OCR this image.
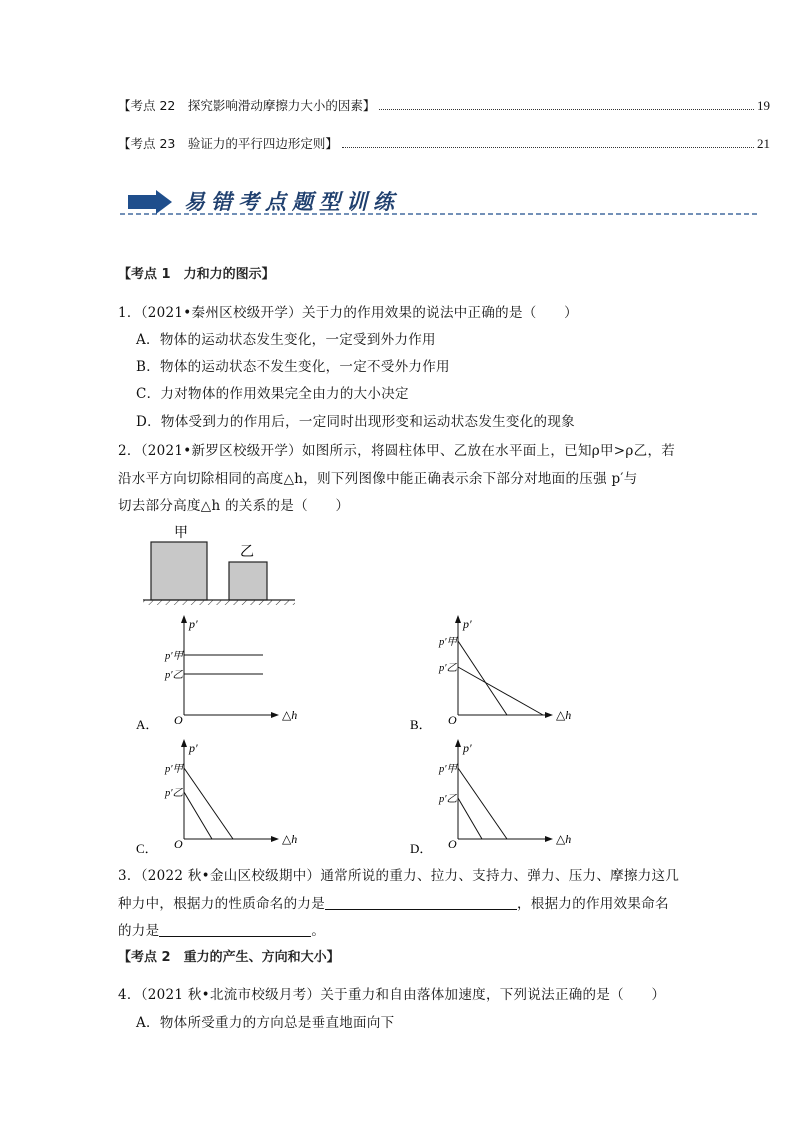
【考点 22　探究影响滑动摩擦力大小的因素】	19
【考点 23　验证力的平行四边形定则】	21
易错考点题型训练
【考点 1　力和力的图示】
1．（2021•秦州区校级开学）关于力的作用效果的说法中正确的是（　　）
A．物体的运动状态发生变化，一定受到外力作用
B．物体的运动状态不发生变化，一定不受外力作用
C．力对物体的作用效果完全由力的大小决定
D．物体受到力的作用后，一定同时出现形变和运动状态发生变化的现象
2．（2021•新罗区校级开学）如图所示，将圆柱体甲、乙放在水平面上，已知ρ甲>ρ乙，若
沿水平方向切除相同的高度△h，则下列图像中能正确表示余下部分对地面的压强 p′与
切去部分高度△h 的关系的是（　　）
甲
乙
p′
△h
O
p′甲
p′乙
A．
p′
△h
O
p′甲
p′乙
B．
p′
△h
O
p′甲
p′乙
C．
p′
△h
O
p′甲
p′乙
D．
3．（2022 秋•金山区校级期中）通常所说的重力、拉力、支持力、弹力、压力、摩擦力这几
种力中，根据力的性质命名的力是	，根据力的作用效果命名
的力是	。
【考点 2　重力的产生、方向和大小】
4．（2021 秋•北流市校级月考）关于重力和自由落体加速度，下列说法正确的是（　　）
A．物体所受重力的方向总是垂直地面向下
